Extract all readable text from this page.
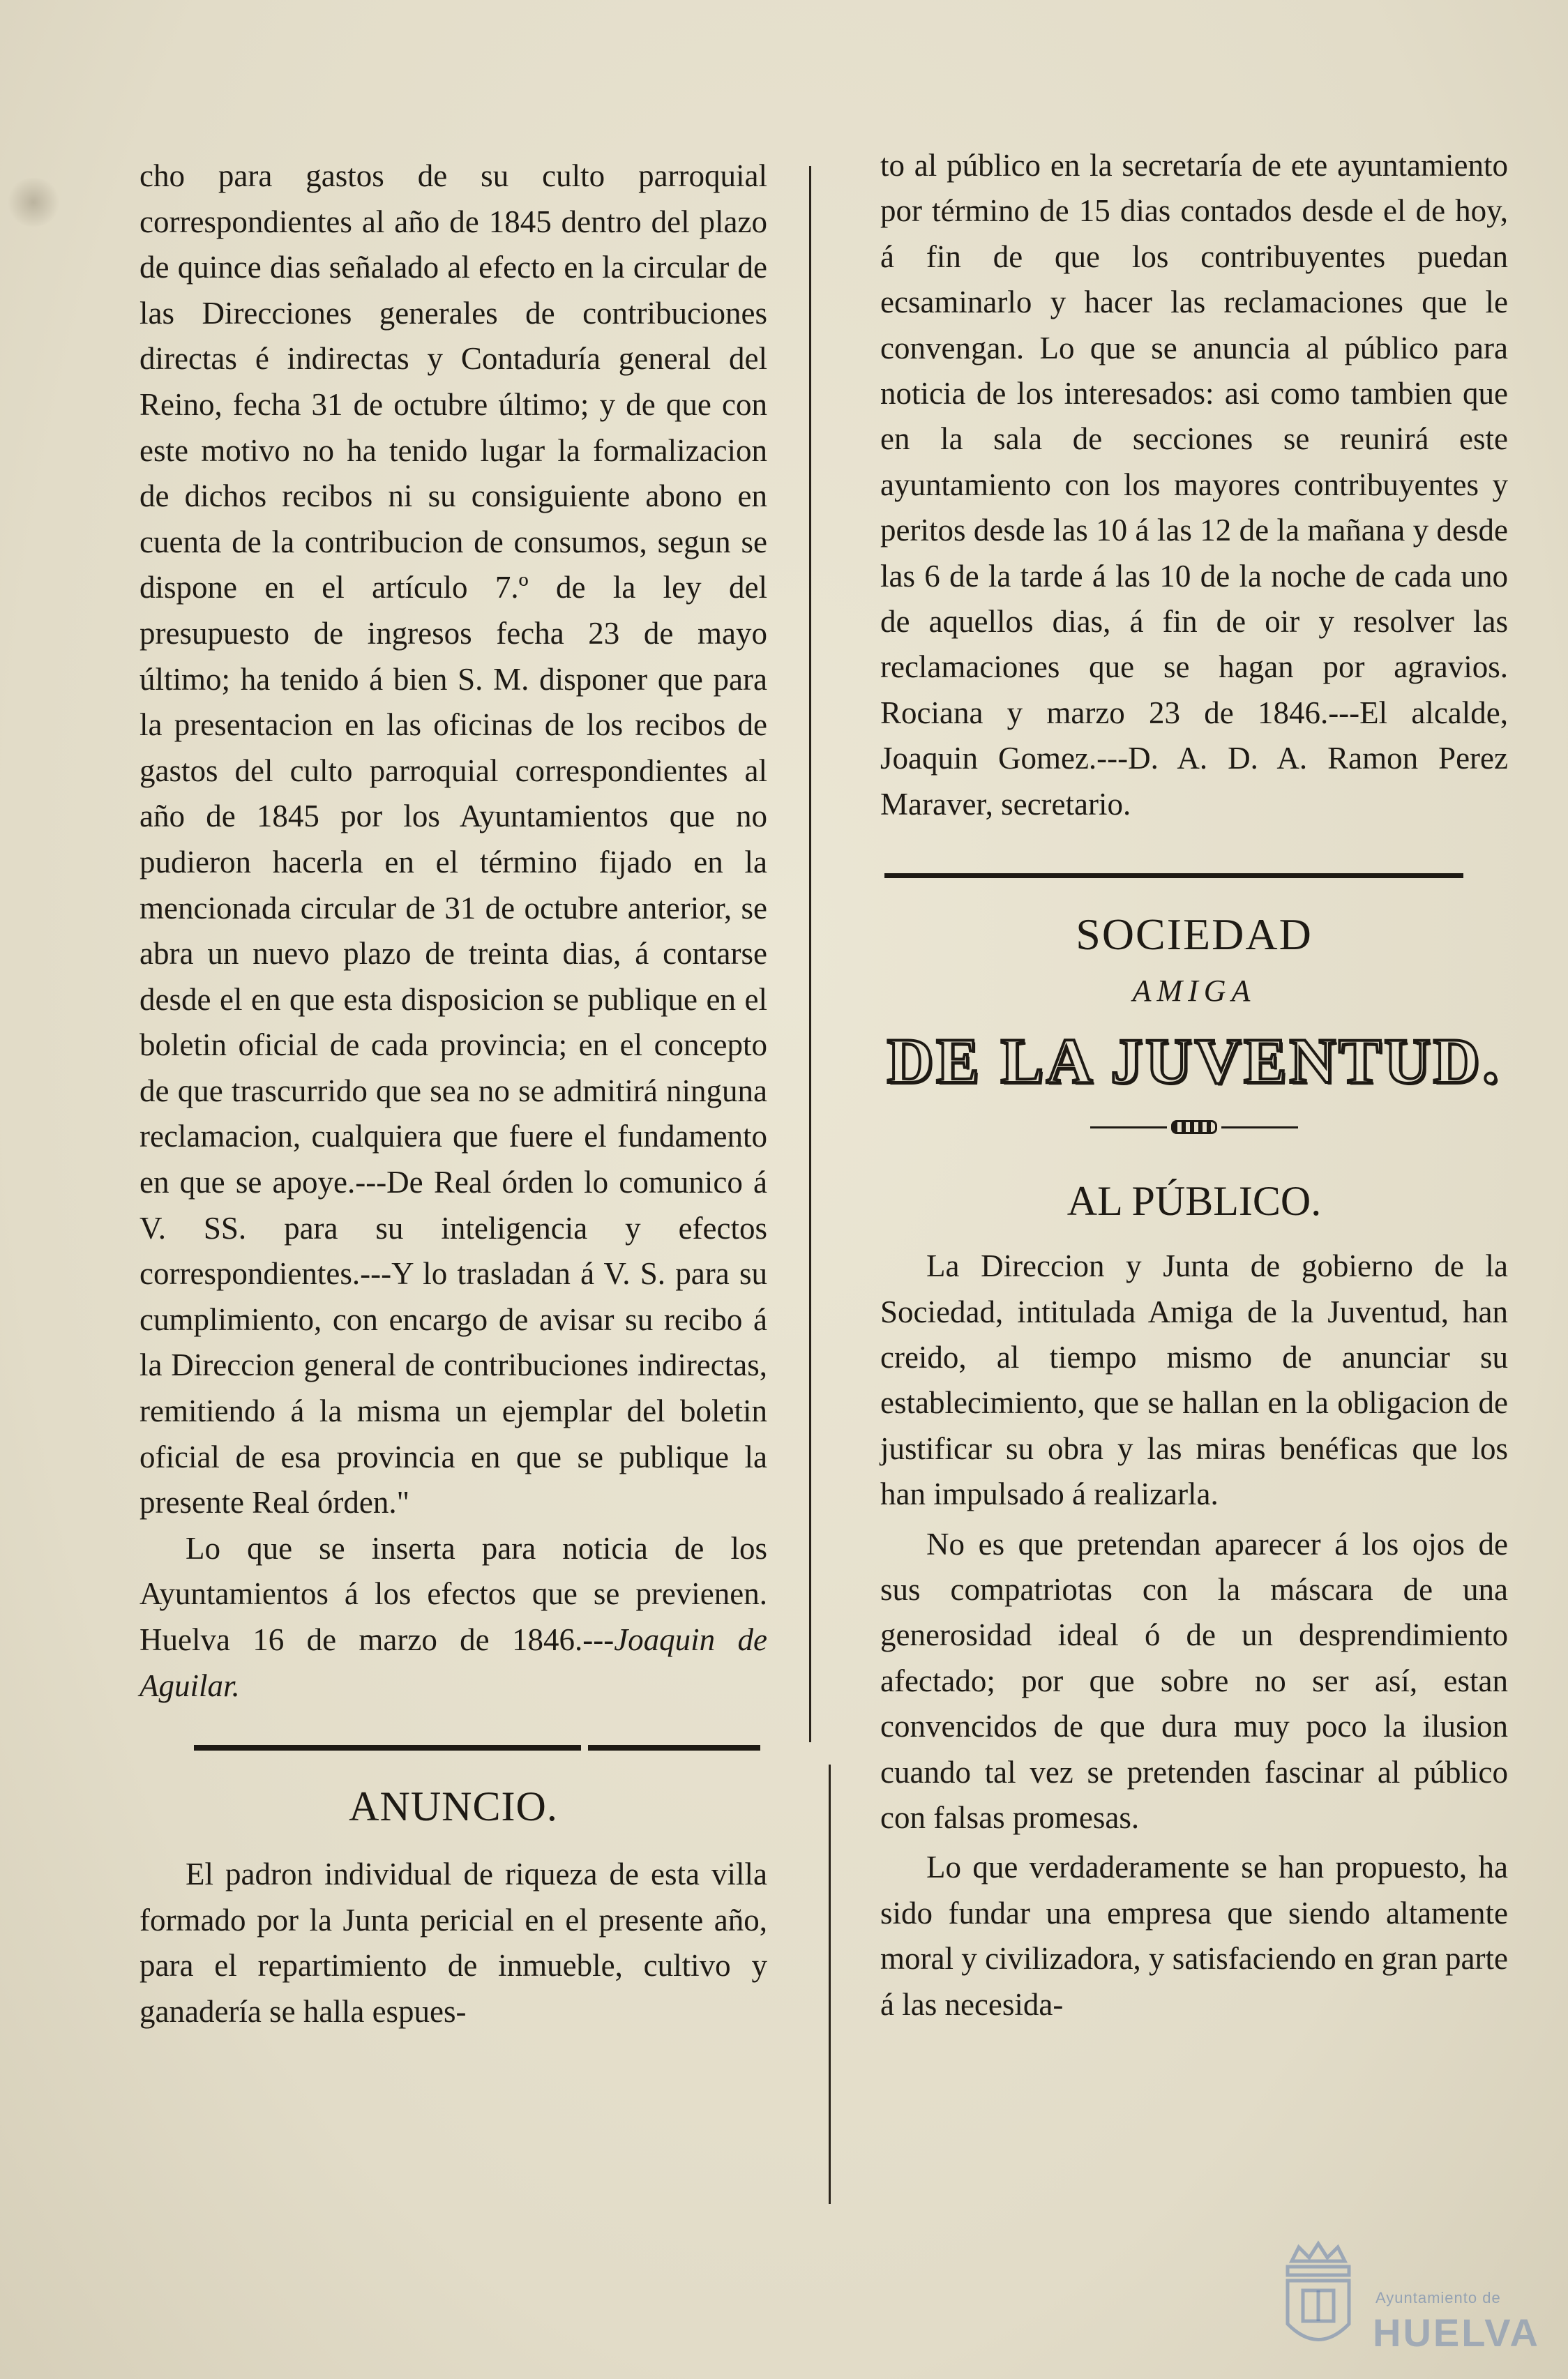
cho para gastos de su culto parroquial correspondientes al año de 1845 dentro del plazo de quince dias señalado al efecto en la circular de las Direcciones generales de contribuciones directas é indirectas y Contaduría general del Reino, fecha 31 de octubre último; y de que con este motivo no ha tenido lugar la formalizacion de dichos recibos ni su consiguiente abono en cuenta de la contribucion de consumos, segun se dispone en el artículo 7.º de la ley del presupuesto de ingresos fecha 23 de mayo último; ha tenido á bien S. M. disponer que para la presentacion en las oficinas de los recibos de gastos del culto parroquial correspondientes al año de 1845 por los Ayuntamientos que no pudieron hacerla en el término fijado en la mencionada circular de 31 de octubre anterior, se abra un nuevo plazo de treinta dias, á contarse desde el en que esta disposicion se publique en el boletin oficial de cada provincia; en el concepto de que trascurrido que sea no se admitirá ninguna reclamacion, cualquiera que fuere el fundamento en que se apoye.---De Real órden lo comunico á V. SS. para su inteligencia y efectos correspondientes.---Y lo trasladan á V. S. para su cumplimiento, con encargo de avisar su recibo á la Direccion general de contribuciones indirectas, remitiendo á la misma un ejemplar del boletin oficial de esa provincia en que se publique la presente Real órden."

Lo que se inserta para noticia de los Ayuntamientos á los efectos que se previenen. Huelva 16 de marzo de 1846.---Joaquin de Aguilar.

ANUNCIO.

El padron individual de riqueza de esta villa formado por la Junta pericial en el presente año, para el repartimiento de inmueble, cultivo y ganadería se halla espues-

to al público en la secretaría de ete ayuntamiento por término de 15 dias contados desde el de hoy, á fin de que los contribuyentes puedan ecsaminarlo y hacer las reclamaciones que le convengan. Lo que se anuncia al público para noticia de los interesados: asi como tambien que en la sala de secciones se reunirá este ayuntamiento con los mayores contribuyentes y peritos desde las 10 á las 12 de la mañana y desde las 6 de la tarde á las 10 de la noche de cada uno de aquellos dias, á fin de oir y resolver las reclamaciones que se hagan por agravios. Rociana y marzo 23 de 1846.---El alcalde, Joaquin Gomez.---D. A. D. A. Ramon Perez Maraver, secretario.

SOCIEDAD
AMIGA
DE LA JUVENTUD.
AL PÚBLICO.

La Direccion y Junta de gobierno de la Sociedad, intitulada Amiga de la Juventud, han creido, al tiempo mismo de anunciar su establecimiento, que se hallan en la obligacion de justificar su obra y las miras benéficas que los han impulsado á realizarla.

No es que pretendan aparecer á los ojos de sus compatriotas con la máscara de una generosidad ideal ó de un desprendimiento afectado; por que sobre no ser así, estan convencidos de que dura muy poco la ilusion cuando tal vez se pretenden fascinar al público con falsas promesas.

Lo que verdaderamente se han propuesto, ha sido fundar una empresa que siendo altamente moral y civilizadora, y satisfaciendo en gran parte á las necesida-

Ayuntamiento de
HUELVA
